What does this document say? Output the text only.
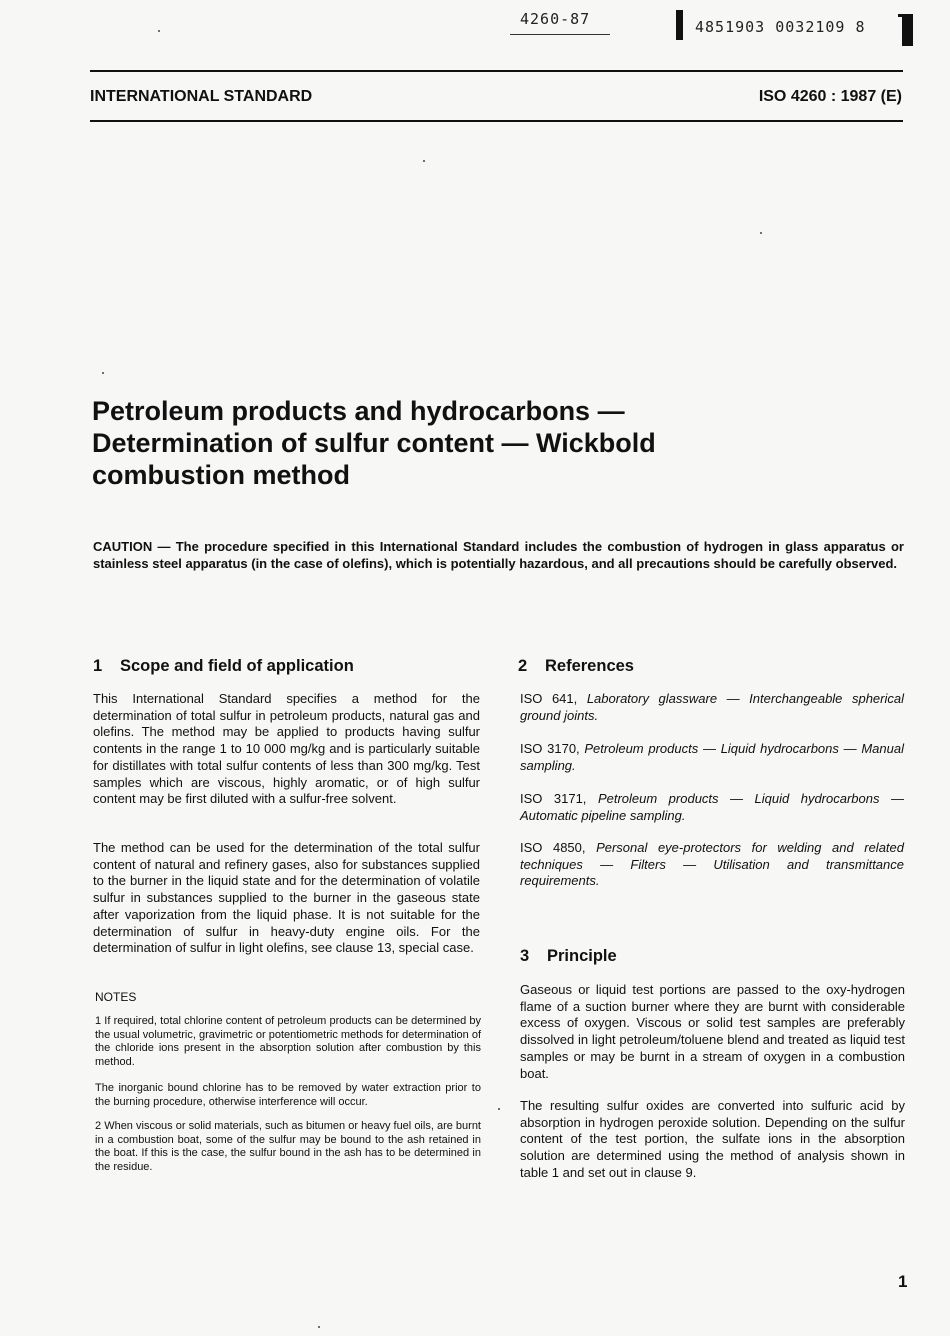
4260-87	4851903 0032109 8
INTERNATIONAL STANDARD	ISO 4260 : 1987 (E)
Petroleum products and hydrocarbons —
Determination of sulfur content — Wickbold
combustion method
CAUTION — The procedure specified in this International Standard includes the combustion of hydrogen in glass apparatus or stainless steel apparatus (in the case of olefins), which is potentially hazardous, and all precautions should be carefully observed.
1 Scope and field of application
This International Standard specifies a method for the determination of total sulfur in petroleum products, natural gas and olefins. The method may be applied to products having sulfur contents in the range 1 to 10 000 mg/kg and is particularly suitable for distillates with total sulfur contents of less than 300 mg/kg. Test samples which are viscous, highly aromatic, or of high sulfur content may be first diluted with a sulfur-free solvent.
The method can be used for the determination of the total sulfur content of natural and refinery gases, also for substances supplied to the burner in the liquid state and for the determination of volatile sulfur in substances supplied to the burner in the gaseous state after vaporization from the liquid phase. It is not suitable for the determination of sulfur in heavy-duty engine oils. For the determination of sulfur in light olefins, see clause 13, special case.
NOTES
1 If required, total chlorine content of petroleum products can be determined by the usual volumetric, gravimetric or potentiometric methods for determination of the chloride ions present in the absorption solution after combustion by this method.
The inorganic bound chlorine has to be removed by water extraction prior to the burning procedure, otherwise interference will occur.
2 When viscous or solid materials, such as bitumen or heavy fuel oils, are burnt in a combustion boat, some of the sulfur may be bound to the ash retained in the boat. If this is the case, the sulfur bound in the ash has to be determined in the residue.
2 References
ISO 641, Laboratory glassware — Interchangeable spherical ground joints.
ISO 3170, Petroleum products — Liquid hydrocarbons — Manual sampling.
ISO 3171, Petroleum products — Liquid hydrocarbons — Automatic pipeline sampling.
ISO 4850, Personal eye-protectors for welding and related techniques — Filters — Utilisation and transmittance requirements.
3 Principle
Gaseous or liquid test portions are passed to the oxy-hydrogen flame of a suction burner where they are burnt with considerable excess of oxygen. Viscous or solid test samples are preferably dissolved in light petroleum/toluene blend and treated as liquid test samples or may be burnt in a stream of oxygen in a combustion boat.
The resulting sulfur oxides are converted into sulfuric acid by absorption in hydrogen peroxide solution. Depending on the sulfur content of the test portion, the sulfate ions in the absorption solution are determined using the method of analysis shown in table 1 and set out in clause 9.
1
